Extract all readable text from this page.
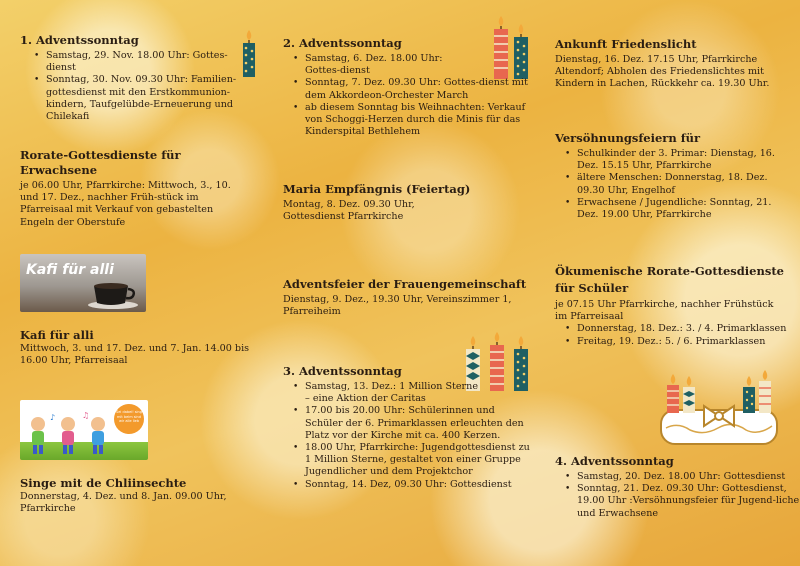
1. Adventssonntag
• Samstag, 29. Nov. 18.00 Uhr: Gottes-dienst
• Sonntag, 30. Nov. 09.30 Uhr: Familien-gottesdienst mit den Erstkommunion-kindern, Taufgelübde-Erneuerung und Chilekafi
Rorate-Gottesdienste für Erwachsene

je 06.00 Uhr, Pfarrkirche: Mittwoch, 3., 10. und 17. Dez., nachher Früh-stück im Pfarreisaal mit Verkauf von gebastelten Engeln der Oberstufe

Kafi für alli
Kafi für alli

Mittwoch, 3. und 17. Dez. und 7. Jan. 14.00 bis 16.00 Uhr, Pfarreisaal

♪	♫	Sei dabei! sing mit beim sind wir alle lieb
Singe mit de Chliinsechte

Donnerstag, 4. Dez. und 8. Jan. 09.00 Uhr, Pfarrkirche

2. Adventssonntag
• Samstag, 6. Dez. 18.00 Uhr: Gottes-dienst
• Sonntag, 7. Dez. 09.30 Uhr: Gottes-dienst mit dem Akkordeon-Orchester March
• ab diesem Sonntag bis Weihnachten: Verkauf von Schoggi-Herzen durch die Minis für das Kinderspital Bethlehem
Maria Empfängnis (Feiertag)

Montag, 8. Dez. 09.30 Uhr, Gottesdienst Pfarrkirche

Adventsfeier der Frauengemeinschaft

Dienstag, 9. Dez., 19.30 Uhr, Vereinszimmer 1, Pfarreiheim

3. Adventssonntag
• Samstag, 13. Dez.: 1 Million Sterne – eine Aktion der Caritas
• 17.00 bis 20.00 Uhr: Schülerinnen und Schüler der 6. Primarklassen erleuchten den Platz vor der Kirche mit ca. 400 Kerzen.
• 18.00 Uhr, Pfarrkirche: Jugendgottesdienst zu 1 Million Sterne, gestaltet von einer Gruppe Jugendlicher und dem Projektchor
• Sonntag, 14. Dez, 09.30 Uhr: Gottesdienst
Ankunft Friedenslicht

Dienstag, 16. Dez. 17.15 Uhr, Pfarrkirche Altendorf; Abholen des Friedenslichtes mit Kindern in Lachen, Rückkehr ca. 19.30 Uhr.

Versöhnungsfeiern für
• Schulkinder der 3. Primar: Dienstag, 16. Dez. 15.15 Uhr, Pfarrkirche
• ältere Menschen: Donnerstag, 18. Dez. 09.30 Uhr, Engelhof
• Erwachsene / Jugendliche: Sonntag, 21. Dez. 19.00 Uhr, Pfarrkirche
Ökumenische Rorate-Gottesdienste für Schüler

je 07.15 Uhr Pfarrkirche, nachher Frühstück im Pfarreisaal

• Donnerstag, 18. Dez.: 3. / 4. Primarklassen
• Freitag, 19. Dez.: 5. / 6. Primarklassen
4. Adventssonntag
• Samstag, 20. Dez. 18.00 Uhr: Gottesdienst
• Sonntag, 21. Dez. 09.30 Uhr: Gottesdienst, 19.00 Uhr :Versöhnungsfeier für Jugend-liche und Erwachsene
